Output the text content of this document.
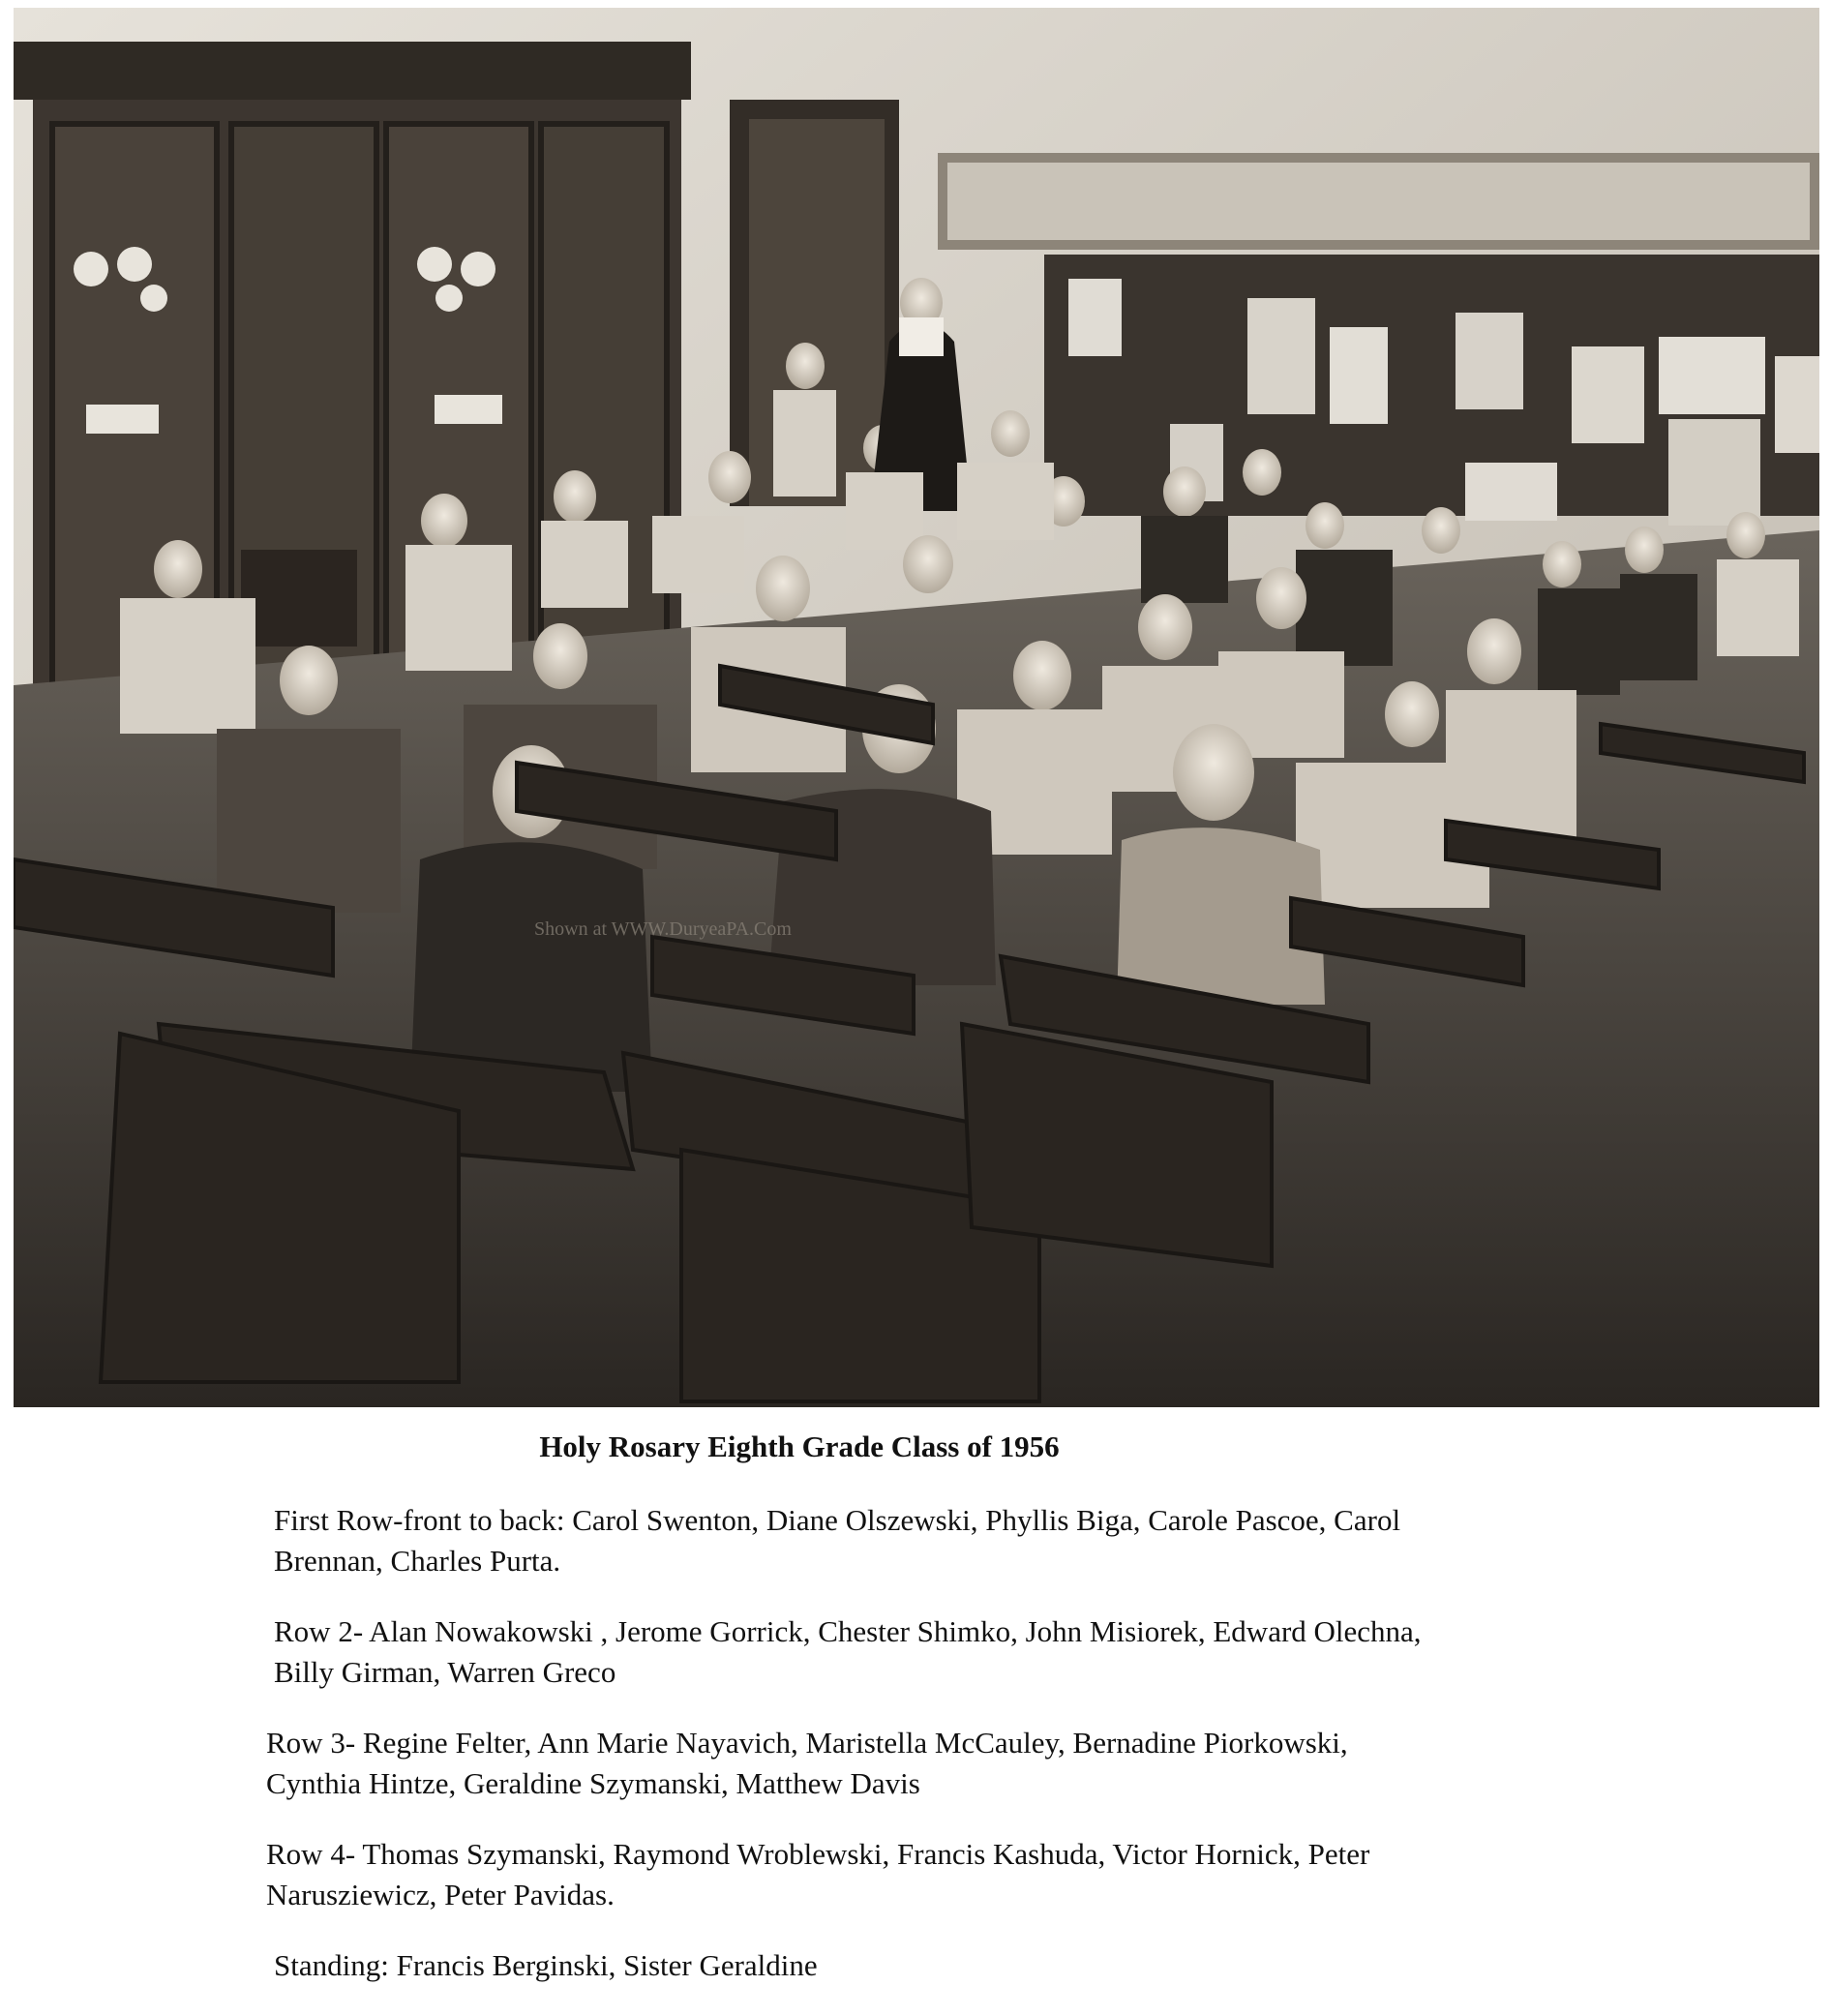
Shown at WWW.DuryeaPA.Com

Holy Rosary Eighth Grade Class of 1956

First Row-front to back: Carol Swenton, Diane Olszewski, Phyllis Biga, Carole Pascoe, Carol Brennan, Charles Purta.

Row 2- Alan Nowakowski , Jerome Gorrick, Chester Shimko, John Misiorek, Edward Olechna, Billy Girman, Warren Greco

Row 3- Regine Felter, Ann Marie Nayavich, Maristella McCauley, Bernadine Piorkowski, Cynthia Hintze, Geraldine Szymanski, Matthew Davis

Row 4- Thomas Szymanski, Raymond Wroblewski, Francis Kashuda, Victor Hornick, Peter Narusziewicz, Peter Pavidas.

Standing: Francis Berginski, Sister Geraldine
